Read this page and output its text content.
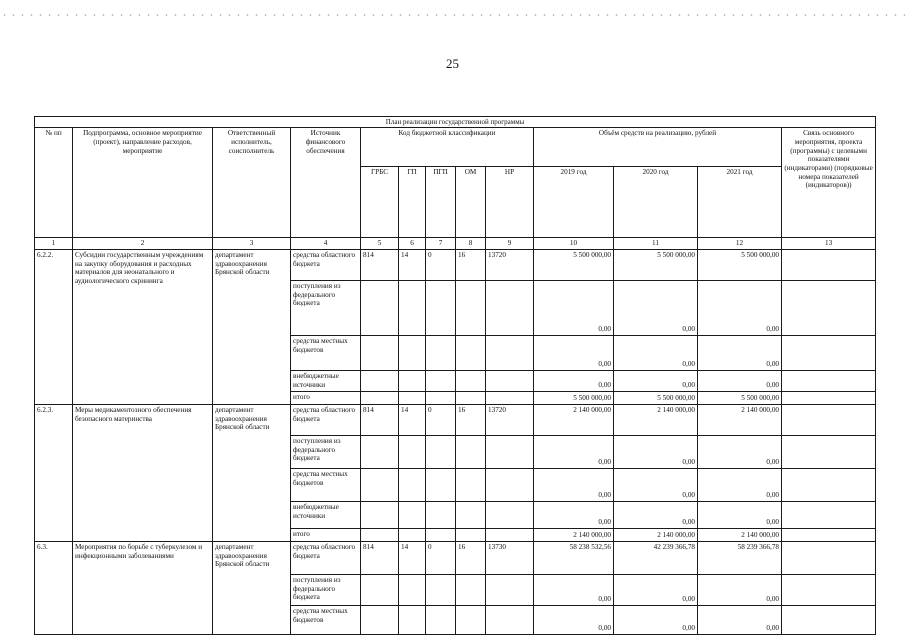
25
План реализации государственной программы												
№ пп	Подпрограмма, основное мероприятие (проект), направление расходов, мероприятие	Ответственный исполнитель, соисполнитель	Источник финансового обеспечения	Код бюджетной классификации					Объём средств на реализацию, рублей			Связь основного мероприятия, проекта (программы) с целевыми показателями (индикаторами) (порядковые номера показателей (индикаторов))
				ГРБС	ГП	ПГП	ОМ	НР	2019 год	2020 год	2021 год	
1	2	3	4	5	6	7	8	9	10	11	12	13
6.2.2.	Субсидии государственным учреждениям на закупку оборудования и расходных материалов для неонатального и аудиологического скрининга	департамент здравоохранения Брянской области	средства областного бюджета	814	14	0	16	13720	5 500 000,00	5 500 000,00	5 500 000,00	
			поступления из федерального бюджета						0,00	0,00	0,00	
			средства местных бюджетов						0,00	0,00	0,00	
			внебюджетные источники						0,00	0,00	0,00	
			итого						5 500 000,00	5 500 000,00	5 500 000,00	
6.2.3.	Меры медикаментозного обеспечения безопасного материнства	департамент здравоохранения Брянской области	средства областного бюджета	814	14	0	16	13720	2 140 000,00	2 140 000,00	2 140 000,00	
			поступления из федерального бюджета						0,00	0,00	0,00	
			средства местных бюджетов						0,00	0,00	0,00	
			внебюджетные источники						0,00	0,00	0,00	
			итого						2 140 000,00	2 140 000,00	2 140 000,00	
6.3.	Мероприятия по борьбе с туберкулезом и инфекционными заболеваниями	департамент здравоохранения Брянской области	средства областного бюджета	814	14	0	16	13730	58 238 532,56	42 239 366,78	58 239 366,78	
			поступления из федерального бюджета						0,00	0,00	0,00	
			средства местных бюджетов						0,00	0,00	0,00	
